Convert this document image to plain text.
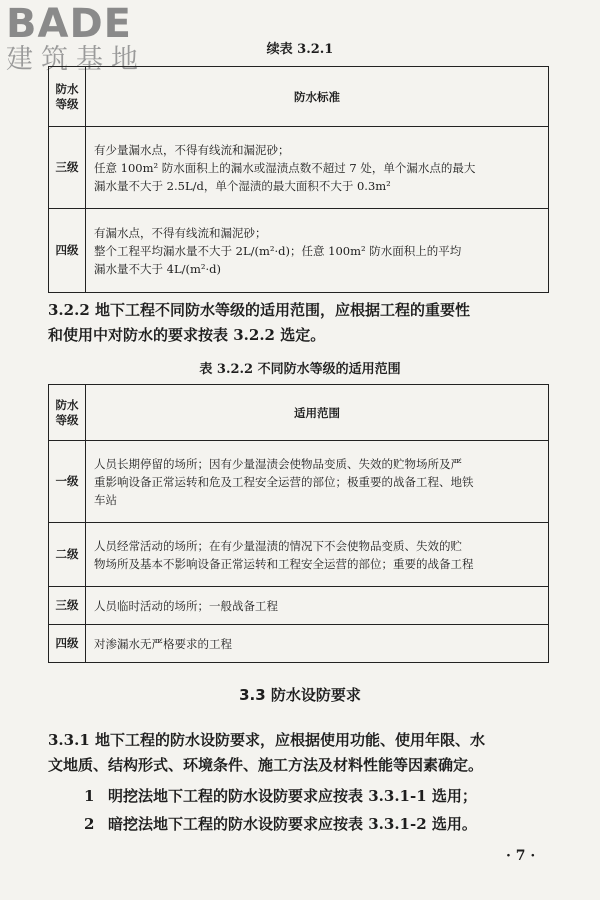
BADE
建筑基地	续表 3.2.1
防水
等级	防水标准
三级	有少量漏水点，不得有线流和漏泥砂；
任意 100m² 防水面积上的漏水或湿渍点数不超过 7 处，单个漏水点的最大
漏水量不大于 2.5L/d，单个湿渍的最大面积不大于 0.3m²

四级	有漏水点，不得有线流和漏泥砂；
整个工程平均漏水量不大于 2L/(m²·d)；任意 100m² 防水面积上的平均
漏水量不大于 4L/(m²·d)
3.2.2 地下工程不同防水等级的适用范围，应根据工程的重要性
和使用中对防水的要求按表 3.2.2 选定。
表 3.2.2 不同防水等级的适用范围
防水
等级	适用范围
一级	人员长期停留的场所；因有少量湿渍会使物品变质、失效的贮物场所及严
重影响设备正常运转和危及工程安全运营的部位；极重要的战备工程、地铁
车站

二级	人员经常活动的场所；在有少量湿渍的情况下不会使物品变质、失效的贮
物场所及基本不影响设备正常运转和工程安全运营的部位；重要的战备工程

三级	人员临时活动的场所；一般战备工程

四级	对渗漏水无严格要求的工程
3.3 防水设防要求
3.3.1 地下工程的防水设防要求，应根据使用功能、使用年限、水
文地质、结构形式、环境条件、施工方法及材料性能等因素确定。
1 明挖法地下工程的防水设防要求应按表 3.3.1-1 选用；
2 暗挖法地下工程的防水设防要求应按表 3.3.1-2 选用。
· 7 ·
